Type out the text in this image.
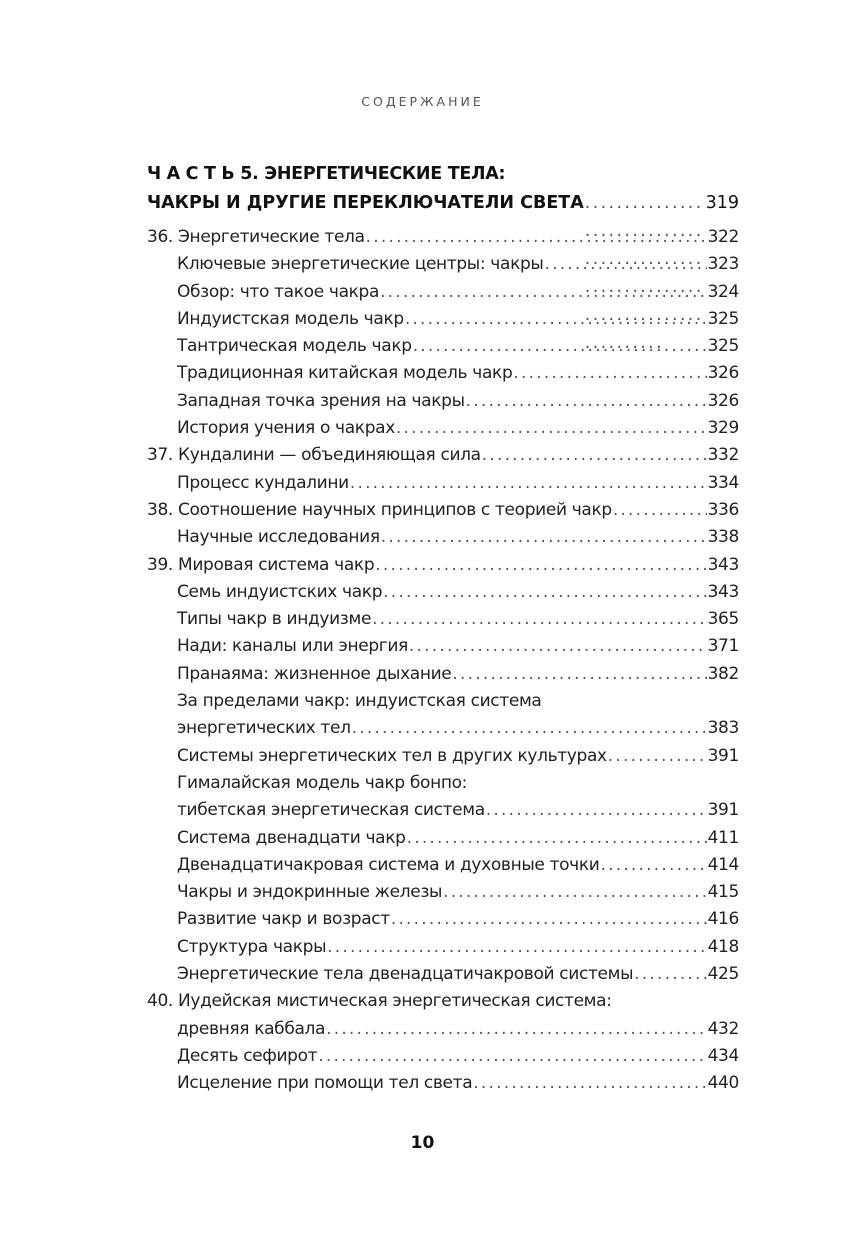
СОДЕРЖАНИЕ
Ч А С Т Ь 5. ЭНЕРГЕТИЧЕСКИЕ ТЕЛА:
ЧАКРЫ И ДРУГИЕ ПЕРЕКЛЮЧАТЕЛИ СВЕТА . . .	319
36. Энергетические тела . . .	322
Ключевые энергетические центры: чакры . . .	323
Обзор: что такое чакра . . .	324
Индуистская модель чакр . . .	325
Тантрическая модель чакр . . .	325
Традиционная китайская модель чакр . . .	326
Западная точка зрения на чакры . . .	326
История учения о чакрах . . .	329
37. Кундалини — объединяющая сила . . .	332
Процесс кундалини . . .	334
38. Соотношение научных принципов с теорией чакр . . .	336
Научные исследования . . .	338
39. Мировая система чакр . . .	343
Семь индуистских чакр . . .	343
Типы чакр в индуизме . . .	365
Нади: каналы или энергия . . .	371
Пранаяма: жизненное дыхание . . .	382
За пределами чакр: индуистская система
энергетических тел . . .	383
Системы энергетических тел в других культурах . . .	391
Гималайская модель чакр бонпо:
тибетская энергетическая система . . .	391
Система двенадцати чакр . . .	411
Двенадцатичакровая система и духовные точки . . .	414
Чакры и эндокринные железы . . .	415
Развитие чакр и возраст . . .	416
Структура чакры . . .	418
Энергетические тела двенадцатичакровой системы . . .	425
40. Иудейская мистическая энергетическая система:
древняя каббала . . .	432
Десять сефирот . . .	434
Исцеление при помощи тел света . . .	440
10
